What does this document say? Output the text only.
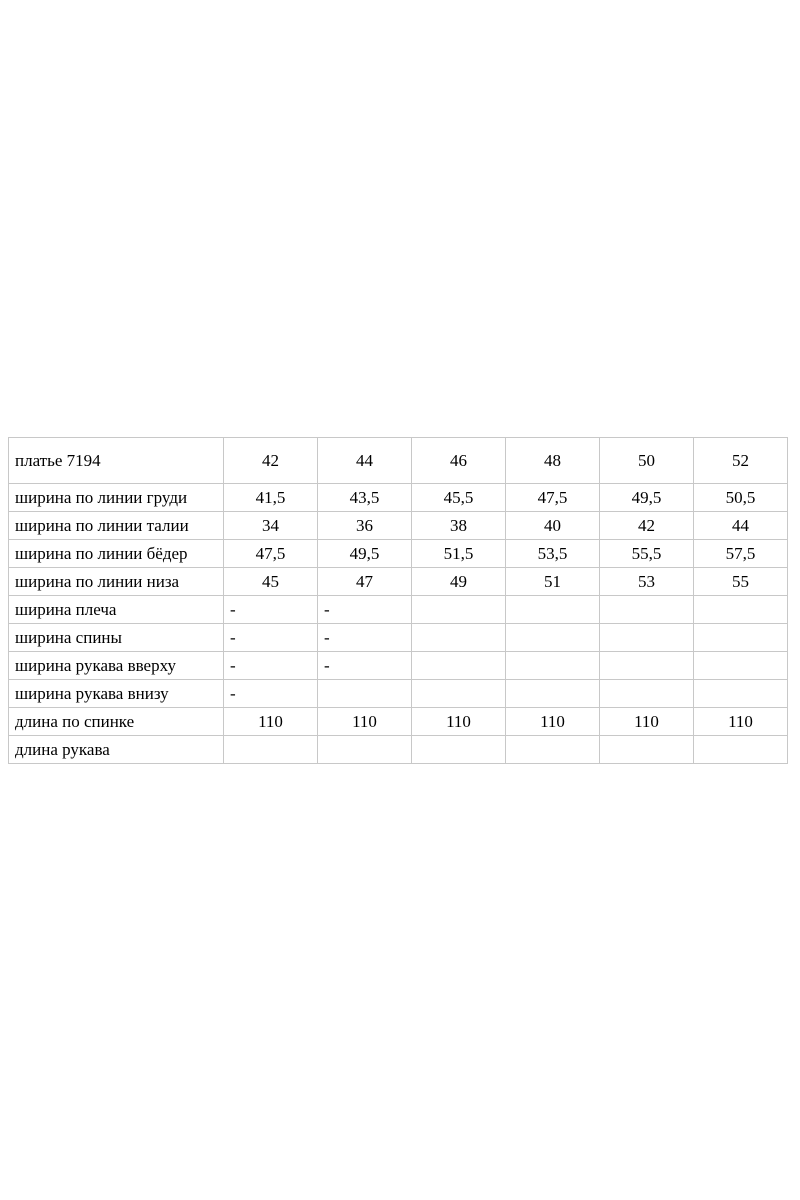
платье 7194	42	44	46	48	50	52
ширина по линии груди	41,5	43,5	45,5	47,5	49,5	50,5
ширина по линии талии	34	36	38	40	42	44
ширина по линии бёдер	47,5	49,5	51,5	53,5	55,5	57,5
ширина по линии низа	45	47	49	51	53	55
ширина плеча	-	-				
ширина спины	-	-				
ширина рукава вверху	-	-				
ширина рукава внизу	-					
длина по спинке	110	110	110	110	110	110
длина рукава						
